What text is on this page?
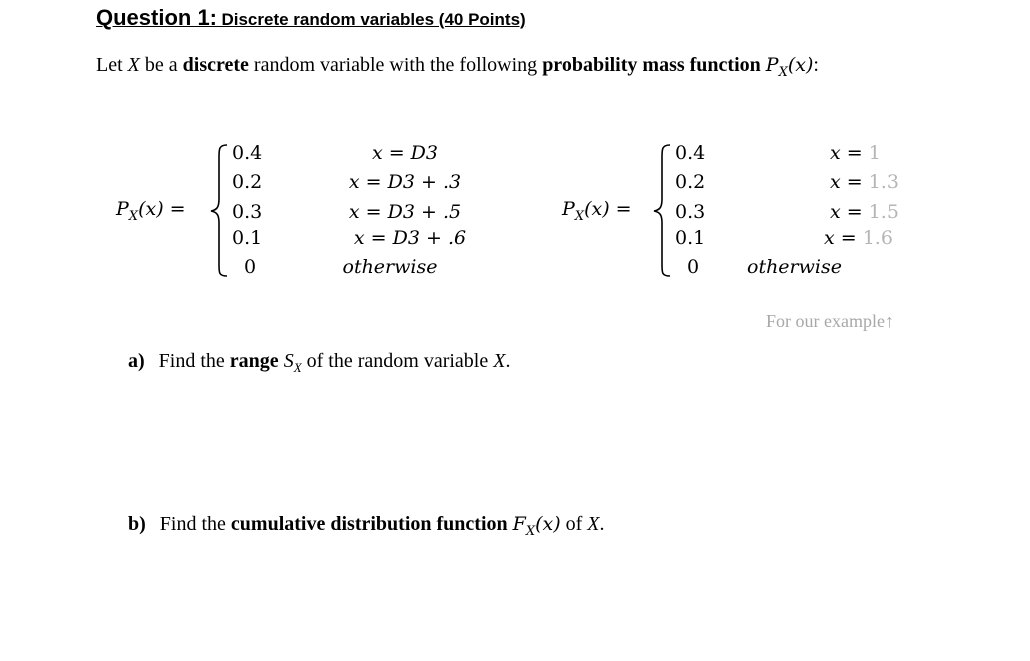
Question 1: Discrete random variables (40 Points)
Let X be a discrete random variable with the following probability mass function $P_X(x)$:
$P_X(x)$ =
0.4
0.2
0.3
0.1
0
x = D3
x = D3 + .3
x = D3 + .5
x = D3 + .6
otherwise
$P_X(x)$ =
0.4
0.2
0.3
0.1
0
x = 1
x = 1.3
x = 1.5
x = 1.6
otherwise
For our example↑
a) Find the range $S_X$ of the random variable X.
b) Find the cumulative distribution function $F_X(x)$ of X.
